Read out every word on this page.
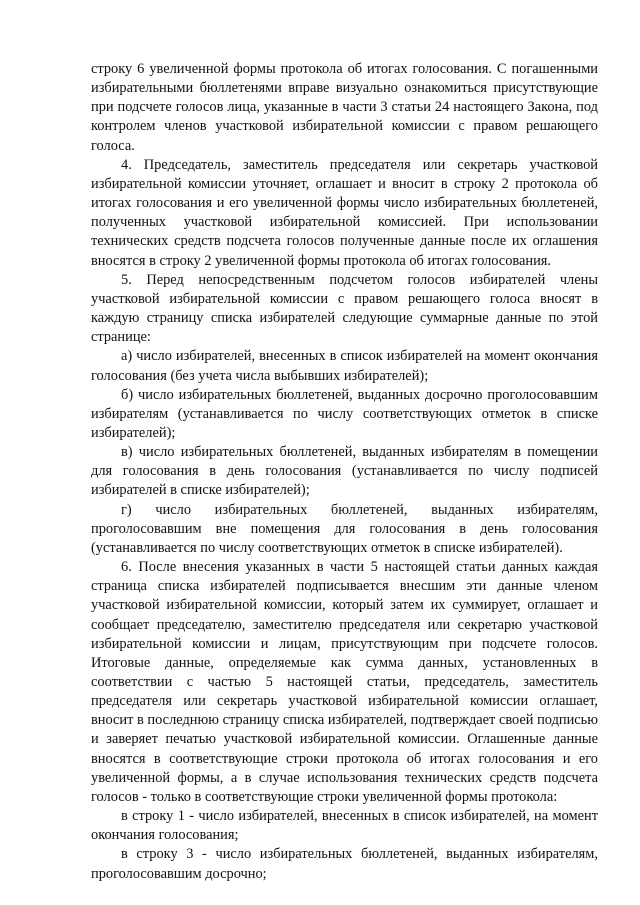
строку 6 увеличенной формы протокола об итогах голосования. С погашенными избирательными бюллетенями вправе визуально ознакомиться присутствующие при подсчете голосов лица, указанные в части 3 статьи 24 настоящего Закона, под контролем членов участковой избирательной комиссии с правом решающего голоса.

4. Председатель, заместитель председателя или секретарь участковой избирательной комиссии уточняет, оглашает и вносит в строку 2 протокола об итогах голосования и его увеличенной формы число избирательных бюллетеней, полученных участковой избирательной комиссией. При использовании технических средств подсчета голосов полученные данные после их оглашения вносятся в строку 2 увеличенной формы протокола об итогах голосования.

5. Перед непосредственным подсчетом голосов избирателей члены участковой избирательной комиссии с правом решающего голоса вносят в каждую страницу списка избирателей следующие суммарные данные по этой странице:

а) число избирателей, внесенных в список избирателей на момент окончания голосования (без учета числа выбывших избирателей);

б) число избирательных бюллетеней, выданных досрочно проголосовавшим избирателям (устанавливается по числу соответствующих отметок в списке избирателей);

в) число избирательных бюллетеней, выданных избирателям в помещении для голосования в день голосования (устанавливается по числу подписей избирателей в списке избирателей);

г) число избирательных бюллетеней, выданных избирателям, проголосовавшим вне помещения для голосования в день голосования (устанавливается по числу соответствующих отметок в списке избирателей).

6. После внесения указанных в части 5 настоящей статьи данных каждая страница списка избирателей подписывается внесшим эти данные членом участковой избирательной комиссии, который затем их суммирует, оглашает и сообщает председателю, заместителю председателя или секретарю участковой избирательной комиссии и лицам, присутствующим при подсчете голосов. Итоговые данные, определяемые как сумма данных, установленных в соответствии с частью 5 настоящей статьи, председатель, заместитель председателя или секретарь участковой избирательной комиссии оглашает, вносит в последнюю страницу списка избирателей, подтверждает своей подписью и заверяет печатью участковой избирательной комиссии. Оглашенные данные вносятся в соответствующие строки протокола об итогах голосования и его увеличенной формы, а в случае использования технических средств подсчета голосов - только в соответствующие строки увеличенной формы протокола:

в строку 1 - число избирателей, внесенных в список избирателей, на момент окончания голосования;

в строку 3 - число избирательных бюллетеней, выданных избирателям, проголосовавшим досрочно;
